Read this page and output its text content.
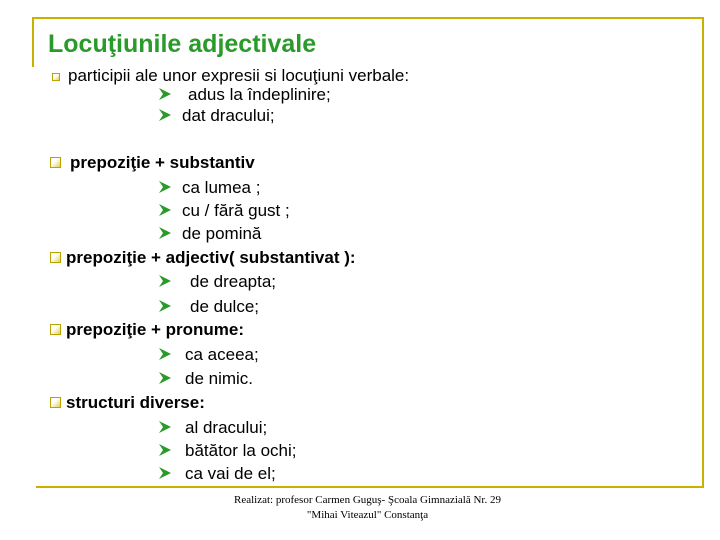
Locuţiunile adjectivale
participii ale unor expresii si locuţiuni verbale:
adus la îndeplinire;
dat dracului;
prepoziţie + substantiv
ca lumea ;
cu / fără gust ;
de pomină
prepoziţie + adjectiv( substantivat ):
de dreapta;
de dulce;
prepoziţie + pronume:
ca aceea;
de nimic.
structuri diverse:
al dracului;
bătător la ochi;
ca vai de el;
Realizat: profesor Carmen Guguş- Şcoala Gimnazială Nr. 29
"Mihai Viteazul" Constanţa
